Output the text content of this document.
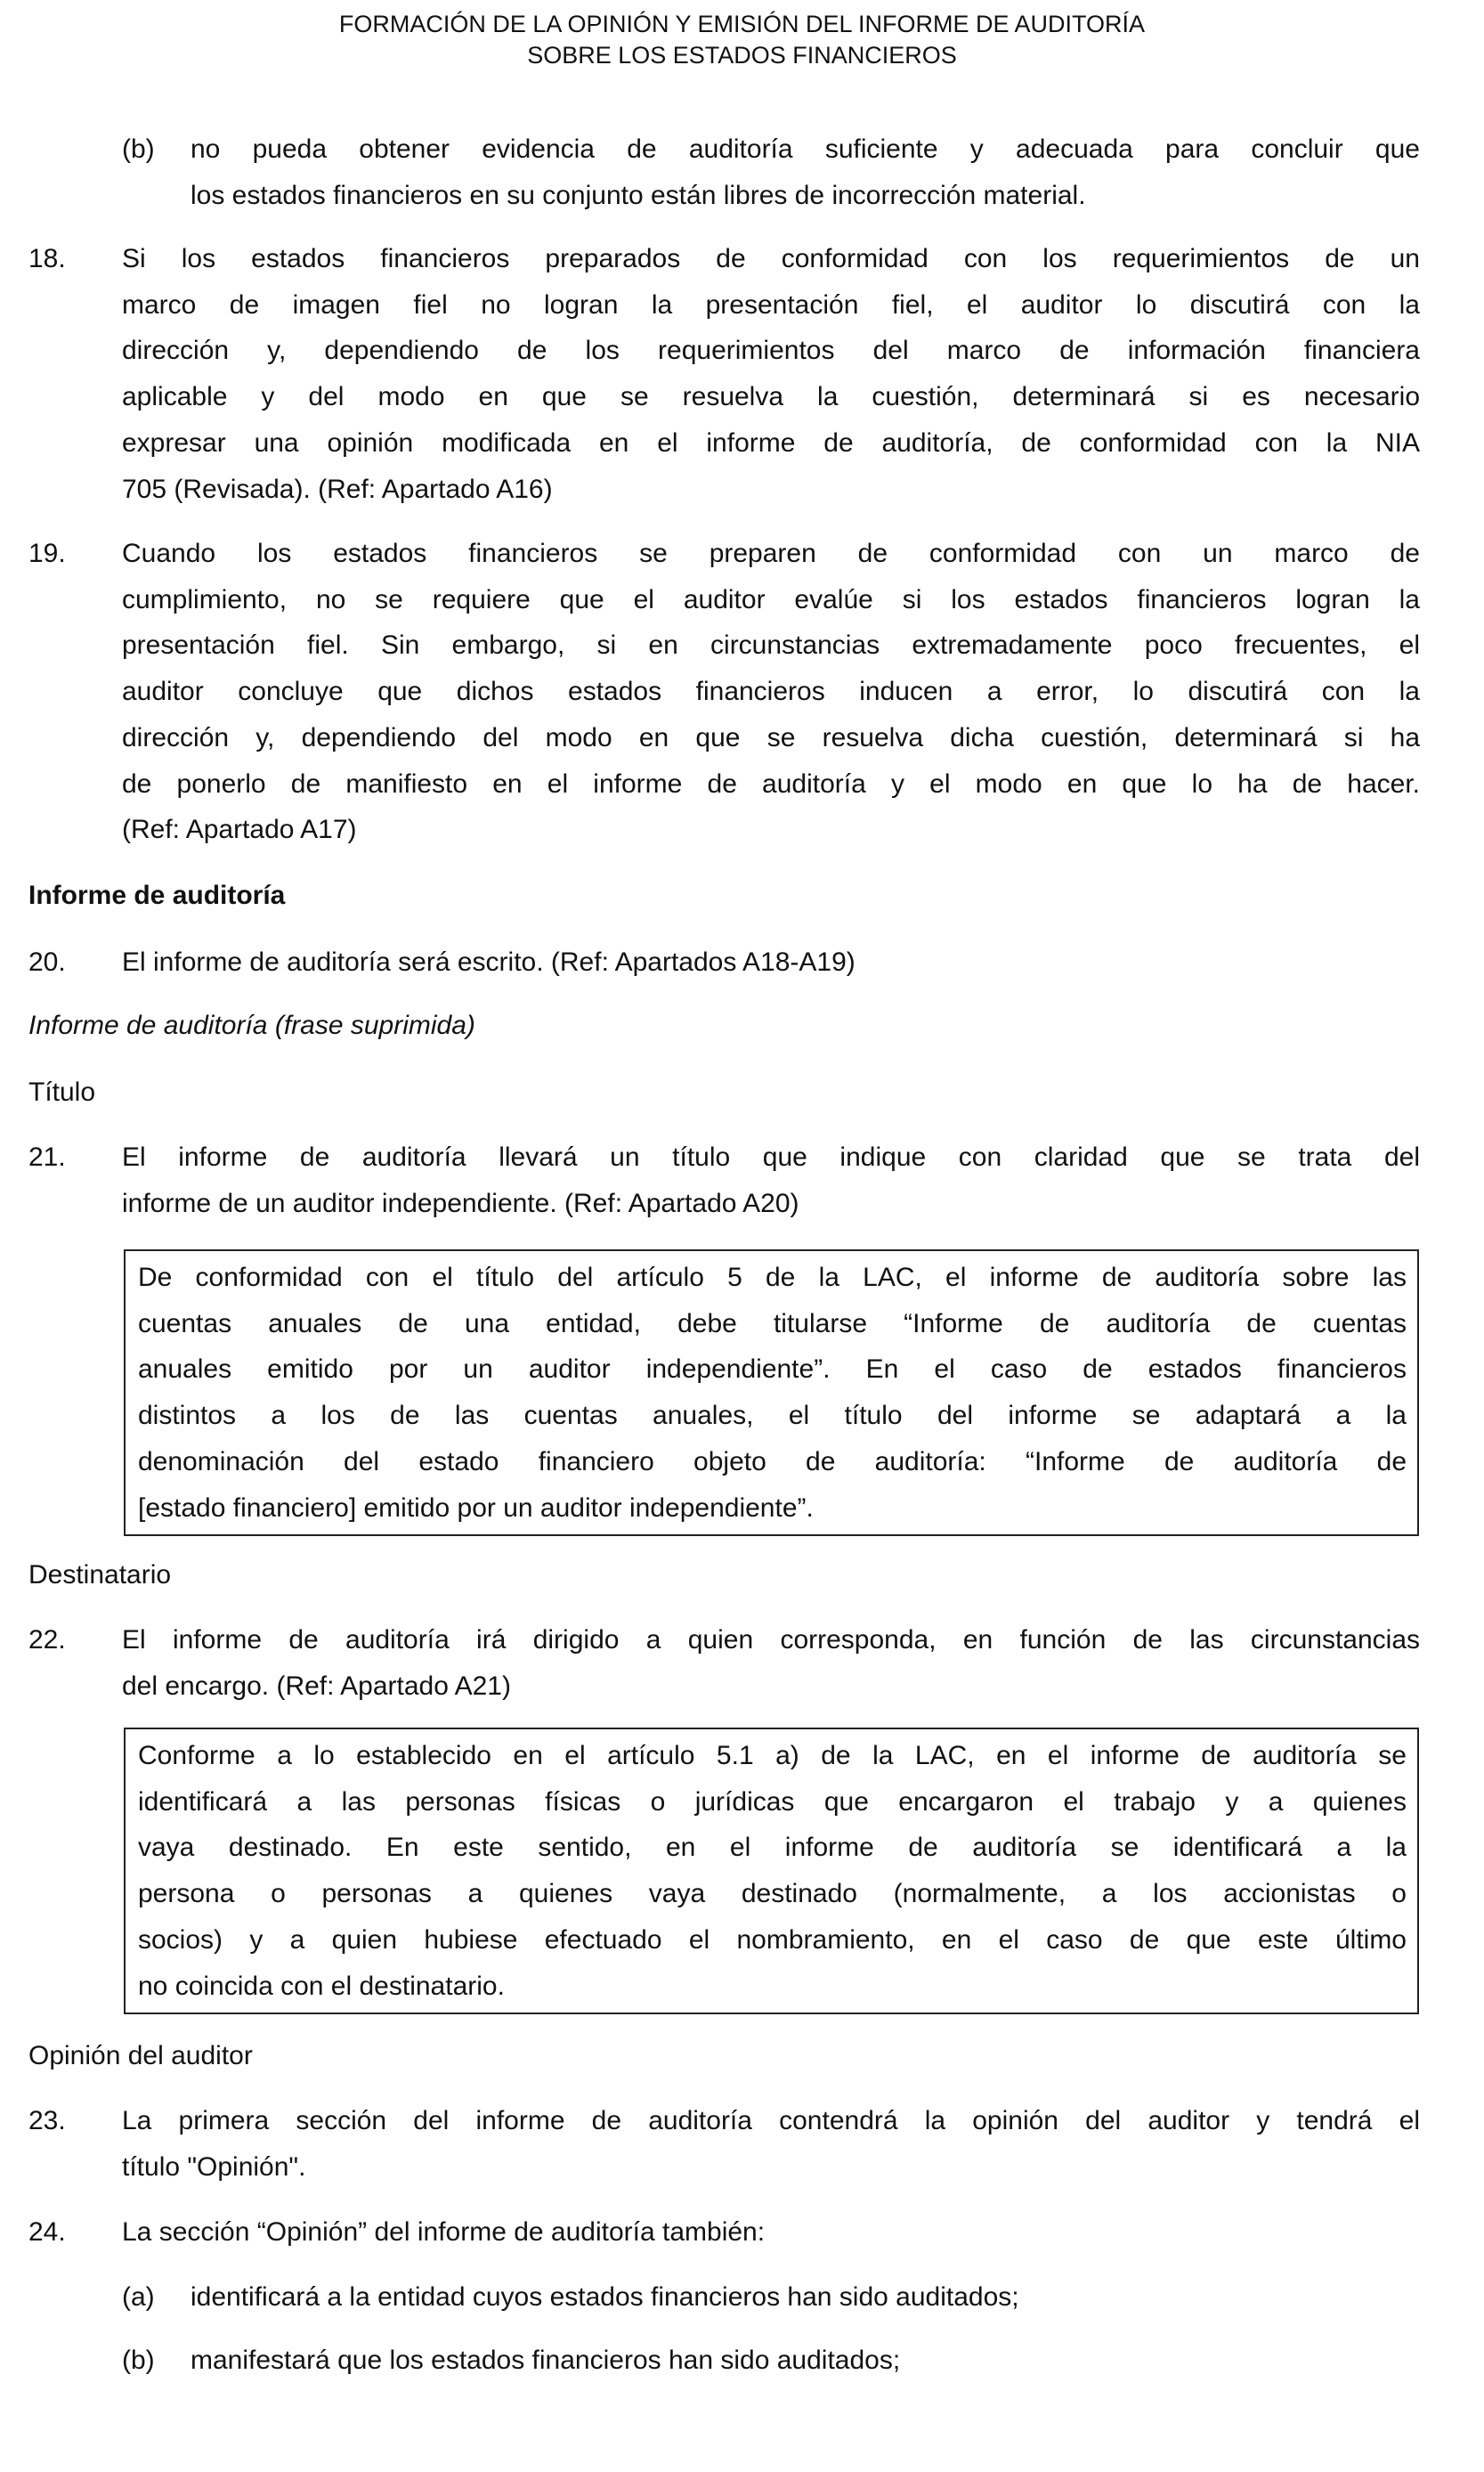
FORMACIÓN DE LA OPINIÓN Y EMISIÓN DEL INFORME DE AUDITORÍA
SOBRE LOS ESTADOS FINANCIEROS
(b) no pueda obtener evidencia de auditoría suficiente y adecuada para concluir que
los estados financieros en su conjunto están libres de incorrección material.
18. Si los estados financieros preparados de conformidad con los requerimientos de un
marco de imagen fiel no logran la presentación fiel, el auditor lo discutirá con la
dirección y, dependiendo de los requerimientos del marco de información financiera
aplicable y del modo en que se resuelva la cuestión, determinará si es necesario
expresar una opinión modificada en el informe de auditoría, de conformidad con la NIA
705 (Revisada). (Ref: Apartado A16)
19. Cuando los estados financieros se preparen de conformidad con un marco de
cumplimiento, no se requiere que el auditor evalúe si los estados financieros logran la
presentación fiel. Sin embargo, si en circunstancias extremadamente poco frecuentes, el
auditor concluye que dichos estados financieros inducen a error, lo discutirá con la
dirección y, dependiendo del modo en que se resuelva dicha cuestión, determinará si ha
de ponerlo de manifiesto en el informe de auditoría y el modo en que lo ha de hacer.
(Ref: Apartado A17)
Informe de auditoría
20. El informe de auditoría será escrito. (Ref: Apartados A18-A19)
Informe de auditoría (frase suprimida)
Título
21. El informe de auditoría llevará un título que indique con claridad que se trata del
informe de un auditor independiente. (Ref: Apartado A20)
De conformidad con el título del artículo 5 de la LAC, el informe de auditoría sobre las
cuentas anuales de una entidad, debe titularse “Informe de auditoría de cuentas
anuales emitido por un auditor independiente”. En el caso de estados financieros
distintos a los de las cuentas anuales, el título del informe se adaptará a la
denominación del estado financiero objeto de auditoría: “Informe de auditoría de
[estado financiero] emitido por un auditor independiente”.
Destinatario
22. El informe de auditoría irá dirigido a quien corresponda, en función de las circunstancias
del encargo. (Ref: Apartado A21)
Conforme a lo establecido en el artículo 5.1 a) de la LAC, en el informe de auditoría se
identificará a las personas físicas o jurídicas que encargaron el trabajo y a quienes
vaya destinado. En este sentido, en el informe de auditoría se identificará a la
persona o personas a quienes vaya destinado (normalmente, a los accionistas o
socios) y a quien hubiese efectuado el nombramiento, en el caso de que este último
no coincida con el destinatario.
Opinión del auditor
23. La primera sección del informe de auditoría contendrá la opinión del auditor y tendrá el
título "Opinión".
24. La sección “Opinión” del informe de auditoría también:
(a) identificará a la entidad cuyos estados financieros han sido auditados;
(b) manifestará que los estados financieros han sido auditados;
